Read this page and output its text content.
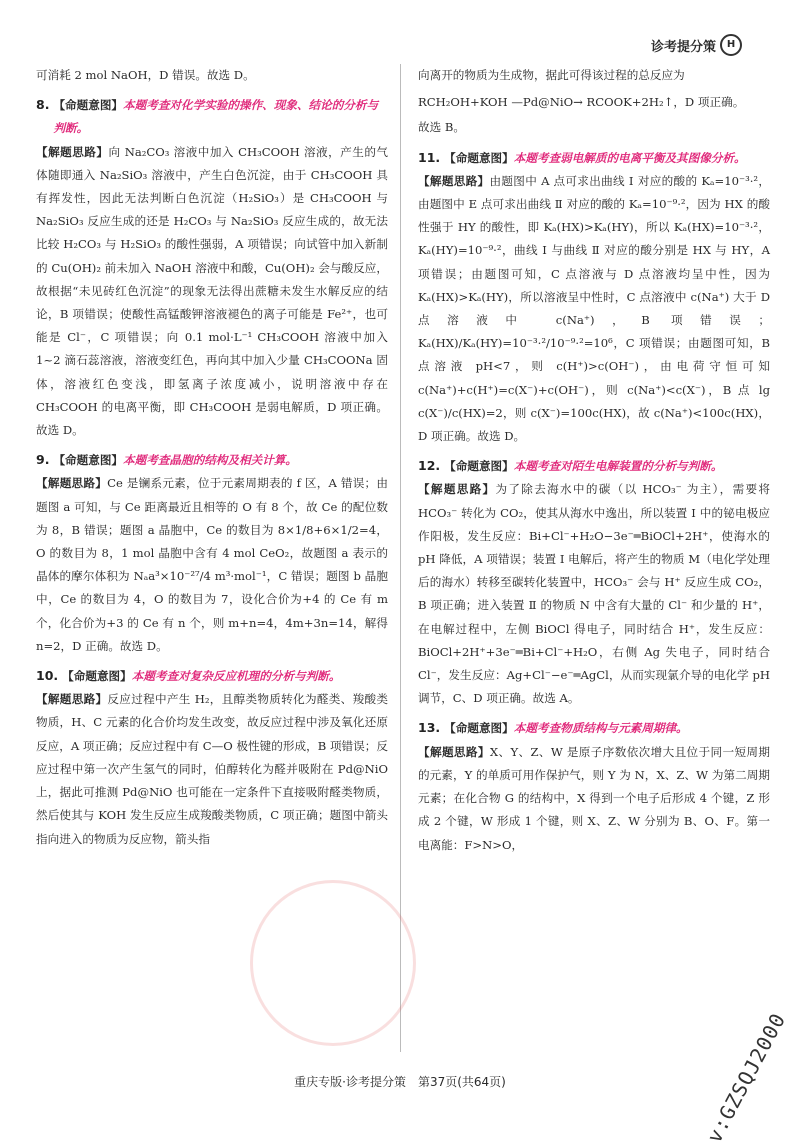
诊考提分策	H

可消耗 2 mol NaOH，D 错误。故选 D。

8. 【命题意图】本题考查对化学实验的操作、现象、结论的分析与判断。

【解题思路】向 Na₂CO₃ 溶液中加入 CH₃COOH 溶液，产生的气体随即通入 Na₂SiO₃ 溶液中，产生白色沉淀，由于 CH₃COOH 具有挥发性，因此无法判断白色沉淀（H₂SiO₃）是 CH₃COOH 与 Na₂SiO₃ 反应生成的还是 H₂CO₃ 与 Na₂SiO₃ 反应生成的，故无法比较 H₂CO₃ 与 H₂SiO₃ 的酸性强弱，A 项错误；向试管中加入新制的 Cu(OH)₂ 前未加入 NaOH 溶液中和酸，Cu(OH)₂ 会与酸反应，故根据“未见砖红色沉淀”的现象无法得出蔗糖未发生水解反应的结论，B 项错误；使酸性高锰酸钾溶液褪色的离子可能是 Fe²⁺，也可能是 Cl⁻，C 项错误；向 0.1 mol·L⁻¹ CH₃COOH 溶液中加入 1~2 滴石蕊溶液，溶液变红色，再向其中加入少量 CH₃COONa 固体，溶液红色变浅，即氢离子浓度减小，说明溶液中存在 CH₃COOH 的电离平衡，即 CH₃COOH 是弱电解质，D 项正确。故选 D。

9. 【命题意图】本题考查晶胞的结构及相关计算。

【解题思路】Ce 是镧系元素，位于元素周期表的 f 区，A 错误；由题图 a 可知，与 Ce 距离最近且相等的 O 有 8 个，故 Ce 的配位数为 8，B 错误；题图 a 晶胞中，Ce 的数目为 8×1/8+6×1/2=4，O 的数目为 8，1 mol 晶胞中含有 4 mol CeO₂，故题图 a 表示的晶体的摩尔体积为 Nₐa³×10⁻²⁷/4 m³·mol⁻¹，C 错误；题图 b 晶胞中，Ce 的数目为 4，O 的数目为 7，设化合价为+4 的 Ce 有 m 个，化合价为+3 的 Ce 有 n 个，则 m+n=4，4m+3n=14，解得 n=2，D 正确。故选 D。

10. 【命题意图】本题考查对复杂反应机理的分析与判断。

【解题思路】反应过程中产生 H₂，且醇类物质转化为醛类、羧酸类物质，H、C 元素的化合价均发生改变，故反应过程中涉及氧化还原反应，A 项正确；反应过程中有 C—O 极性键的形成，B 项错误；反应过程中第一次产生氢气的同时，伯醇转化为醛并吸附在 Pd@NiO 上，据此可推测 Pd@NiO 也可能在一定条件下直接吸附醛类物质，然后使其与 KOH 发生反应生成羧酸类物质，C 项正确；题图中箭头指向进入的物质为反应物，箭头指

向离开的物质为生成物，据此可得该过程的总反应为

RCH₂OH+KOH —Pd@NiO→ RCOOK+2H₂↑，D 项正确。

故选 B。

11. 【命题意图】本题考查弱电解质的电离平衡及其图像分析。

【解题思路】由题图中 A 点可求出曲线 Ⅰ 对应的酸的 Kₐ=10⁻³·²，由题图中 E 点可求出曲线 Ⅱ 对应的酸的 Kₐ=10⁻⁹·²，因为 HX 的酸性强于 HY 的酸性，即 Kₐ(HX)>Kₐ(HY)，所以 Kₐ(HX)=10⁻³·²，Kₐ(HY)=10⁻⁹·²，曲线 Ⅰ 与曲线 Ⅱ 对应的酸分别是 HX 与 HY，A 项错误；由题图可知，C 点溶液与 D 点溶液均呈中性，因为 Kₐ(HX)>Kₐ(HY)，所以溶液呈中性时，C 点溶液中 c(Na⁺) 大于 D 点溶液中 c(Na⁺)，B 项错误；Kₐ(HX)/Kₐ(HY)=10⁻³·²/10⁻⁹·²=10⁶，C 项错误；由题图可知，B 点溶液 pH<7，则 c(H⁺)>c(OH⁻)，由电荷守恒可知 c(Na⁺)+c(H⁺)=c(X⁻)+c(OH⁻)，则 c(Na⁺)<c(X⁻)，B 点 lg c(X⁻)/c(HX)=2，则 c(X⁻)=100c(HX)，故 c(Na⁺)<100c(HX)，D 项正确。故选 D。

12. 【命题意图】本题考查对陌生电解装置的分析与判断。

【解题思路】为了除去海水中的碳（以 HCO₃⁻ 为主），需要将 HCO₃⁻ 转化为 CO₂，使其从海水中逸出，所以装置 Ⅰ 中的铋电极应作阳极，发生反应：Bi+Cl⁻+H₂O−3e⁻═BiOCl+2H⁺，使海水的 pH 降低，A 项错误；装置 Ⅰ 电解后，将产生的物质 M（电化学处理后的海水）转移至碳转化装置中，HCO₃⁻ 会与 H⁺ 反应生成 CO₂，B 项正确；进入装置 Ⅱ 的物质 N 中含有大量的 Cl⁻ 和少量的 H⁺，在电解过程中，左侧 BiOCl 得电子，同时结合 H⁺，发生反应：BiOCl+2H⁺+3e⁻═Bi+Cl⁻+H₂O，右侧 Ag 失电子，同时结合 Cl⁻，发生反应：Ag+Cl⁻−e⁻═AgCl，从而实现氯介导的电化学 pH 调节，C、D 项正确。故选 A。

13. 【命题意图】本题考查物质结构与元素周期律。

【解题思路】X、Y、Z、W 是原子序数依次增大且位于同一短周期的元素，Y 的单质可用作保护气，则 Y 为 N，X、Z、W 为第二周期元素；在化合物 G 的结构中，X 得到一个电子后形成 4 个键，Z 形成 2 个键，W 形成 1 个键，则 X、Z、W 分别为 B、O、F。第一电离能：F>N>O，

v:GZSQJ2000
重庆专版·诊考提分策　第37页(共64页)
